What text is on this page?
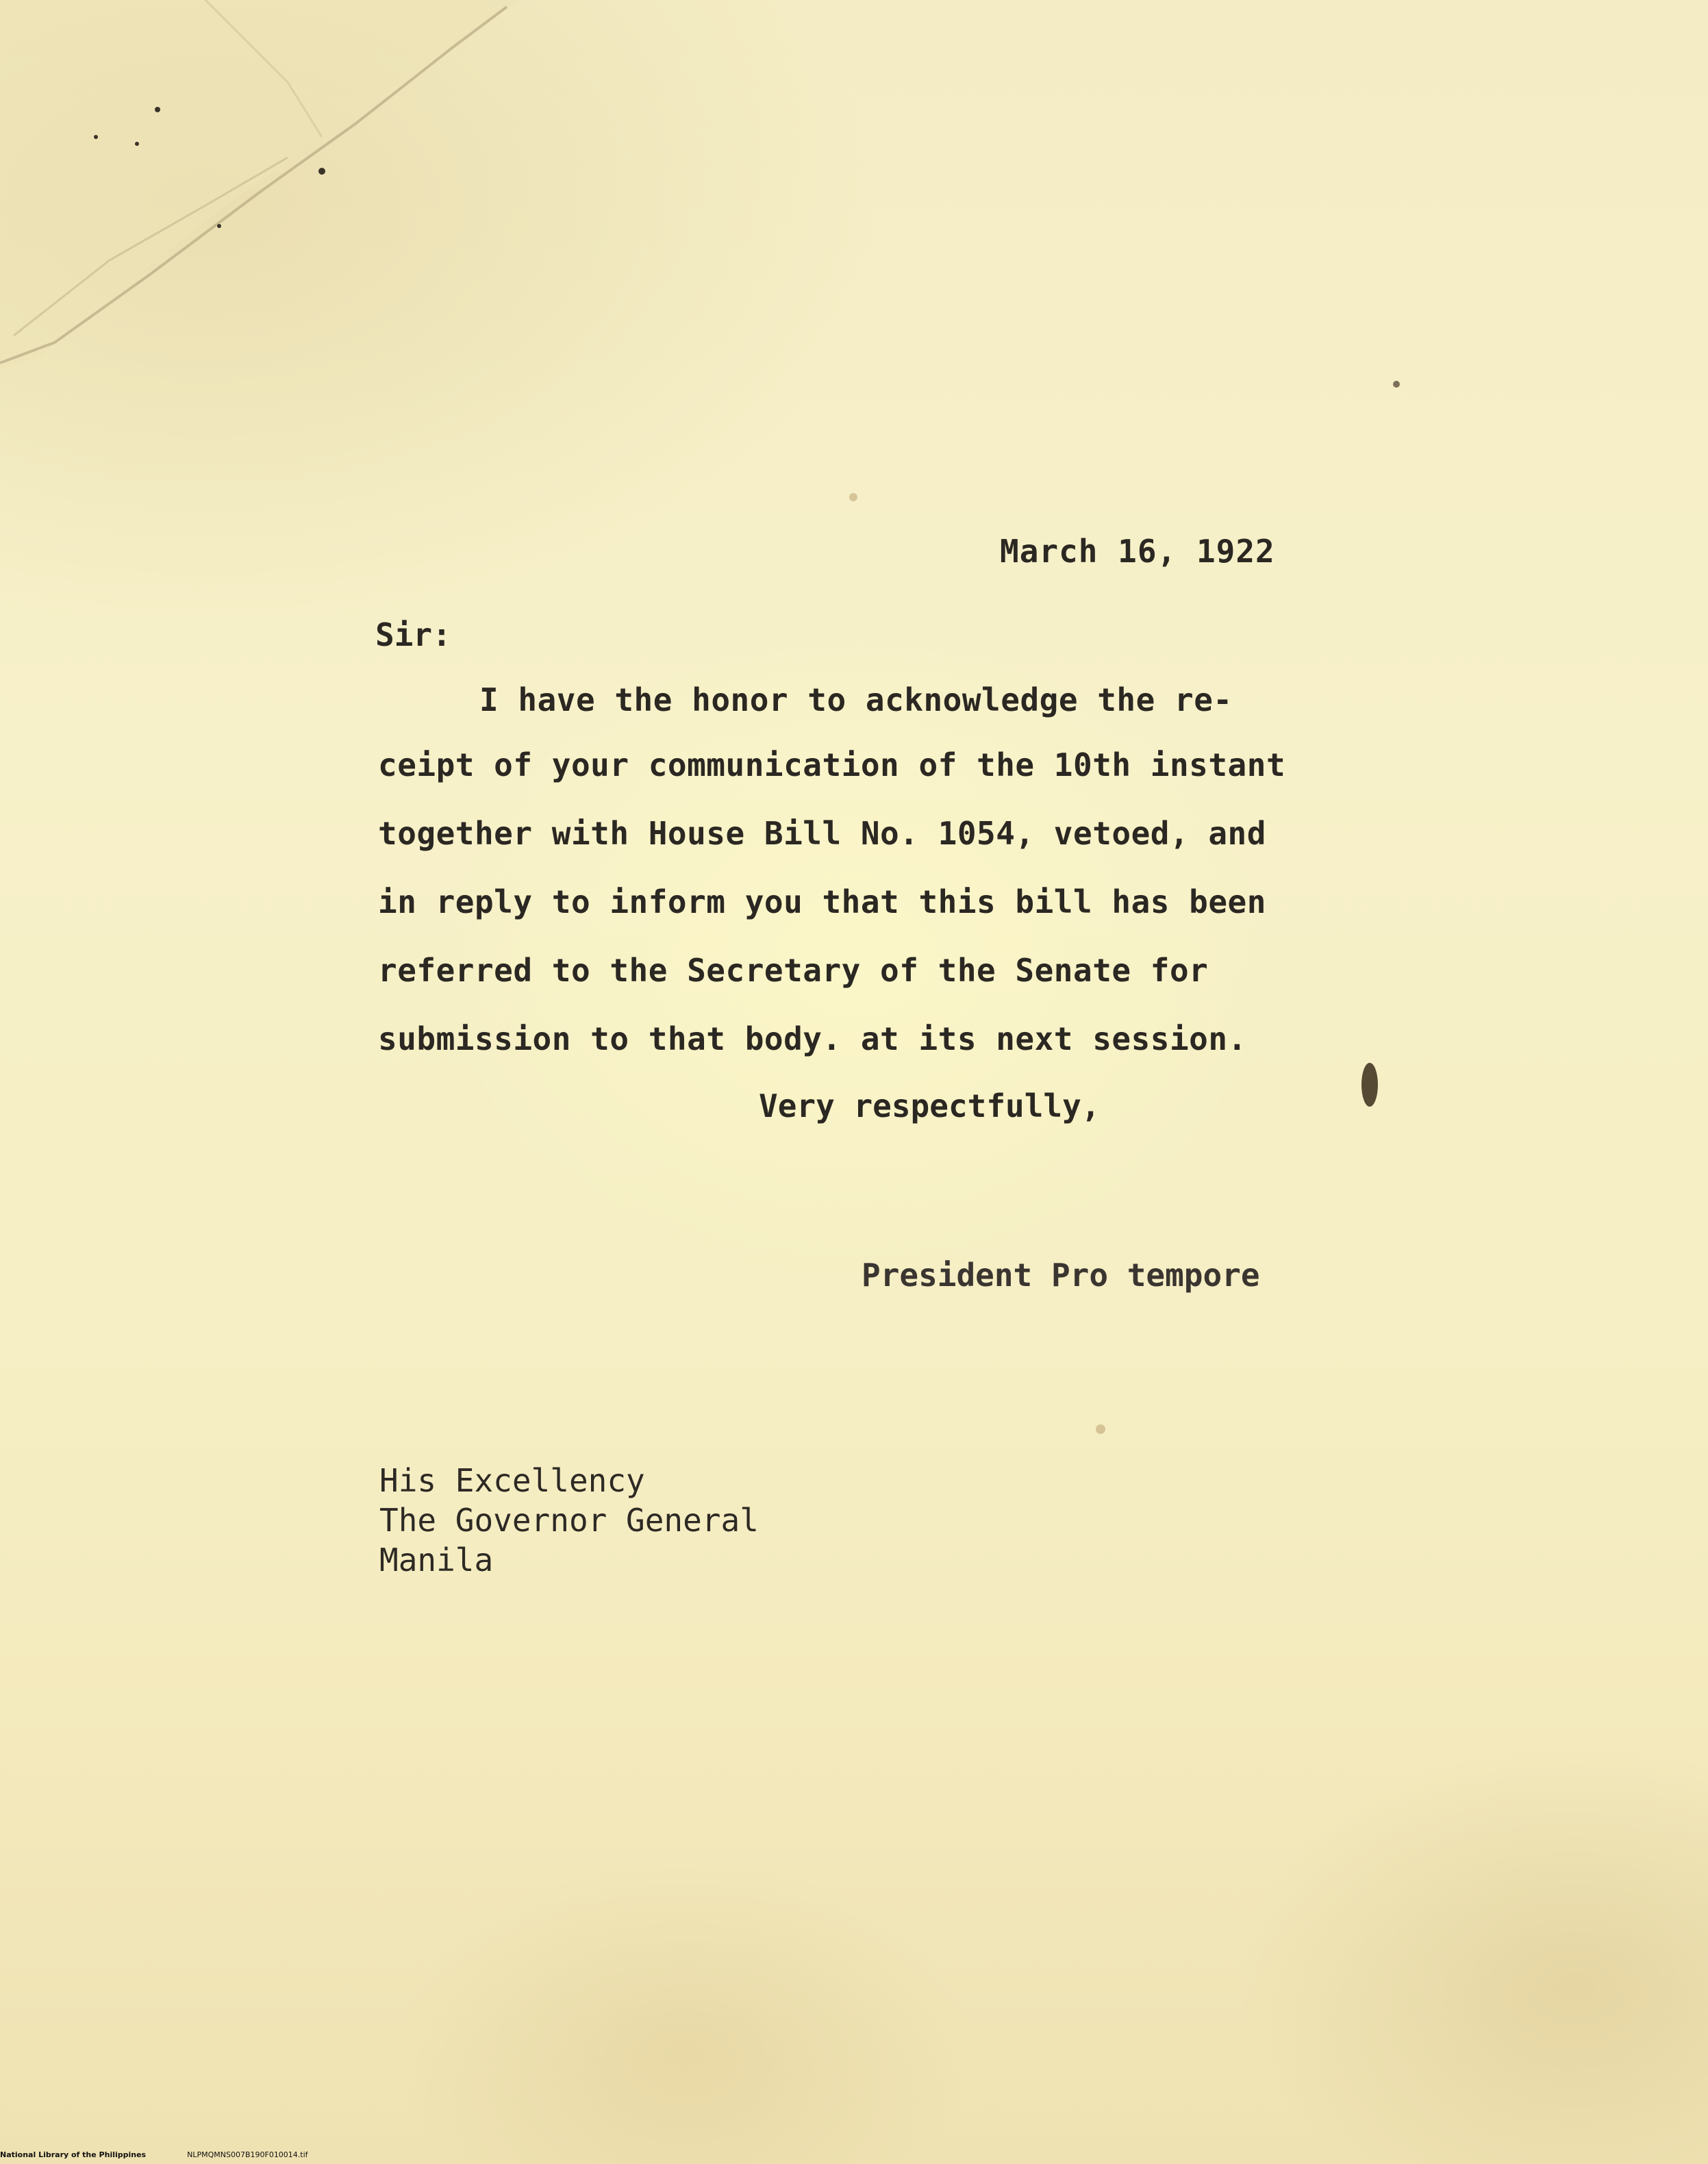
March 16, 1922

Sir:

I have the honor to acknowledge the re-

ceipt of your communication of the 10th instant

together with House Bill No. 1054, vetoed, and

in reply to inform you that this bill has been

referred to the Secretary of the Senate for

submission to that body. at its next session.

Very respectfully,

President Pro tempore

His Excellency

The Governor General

Manila

National Library of the Philippines	NLPMQMNS007B190F010014.tif
